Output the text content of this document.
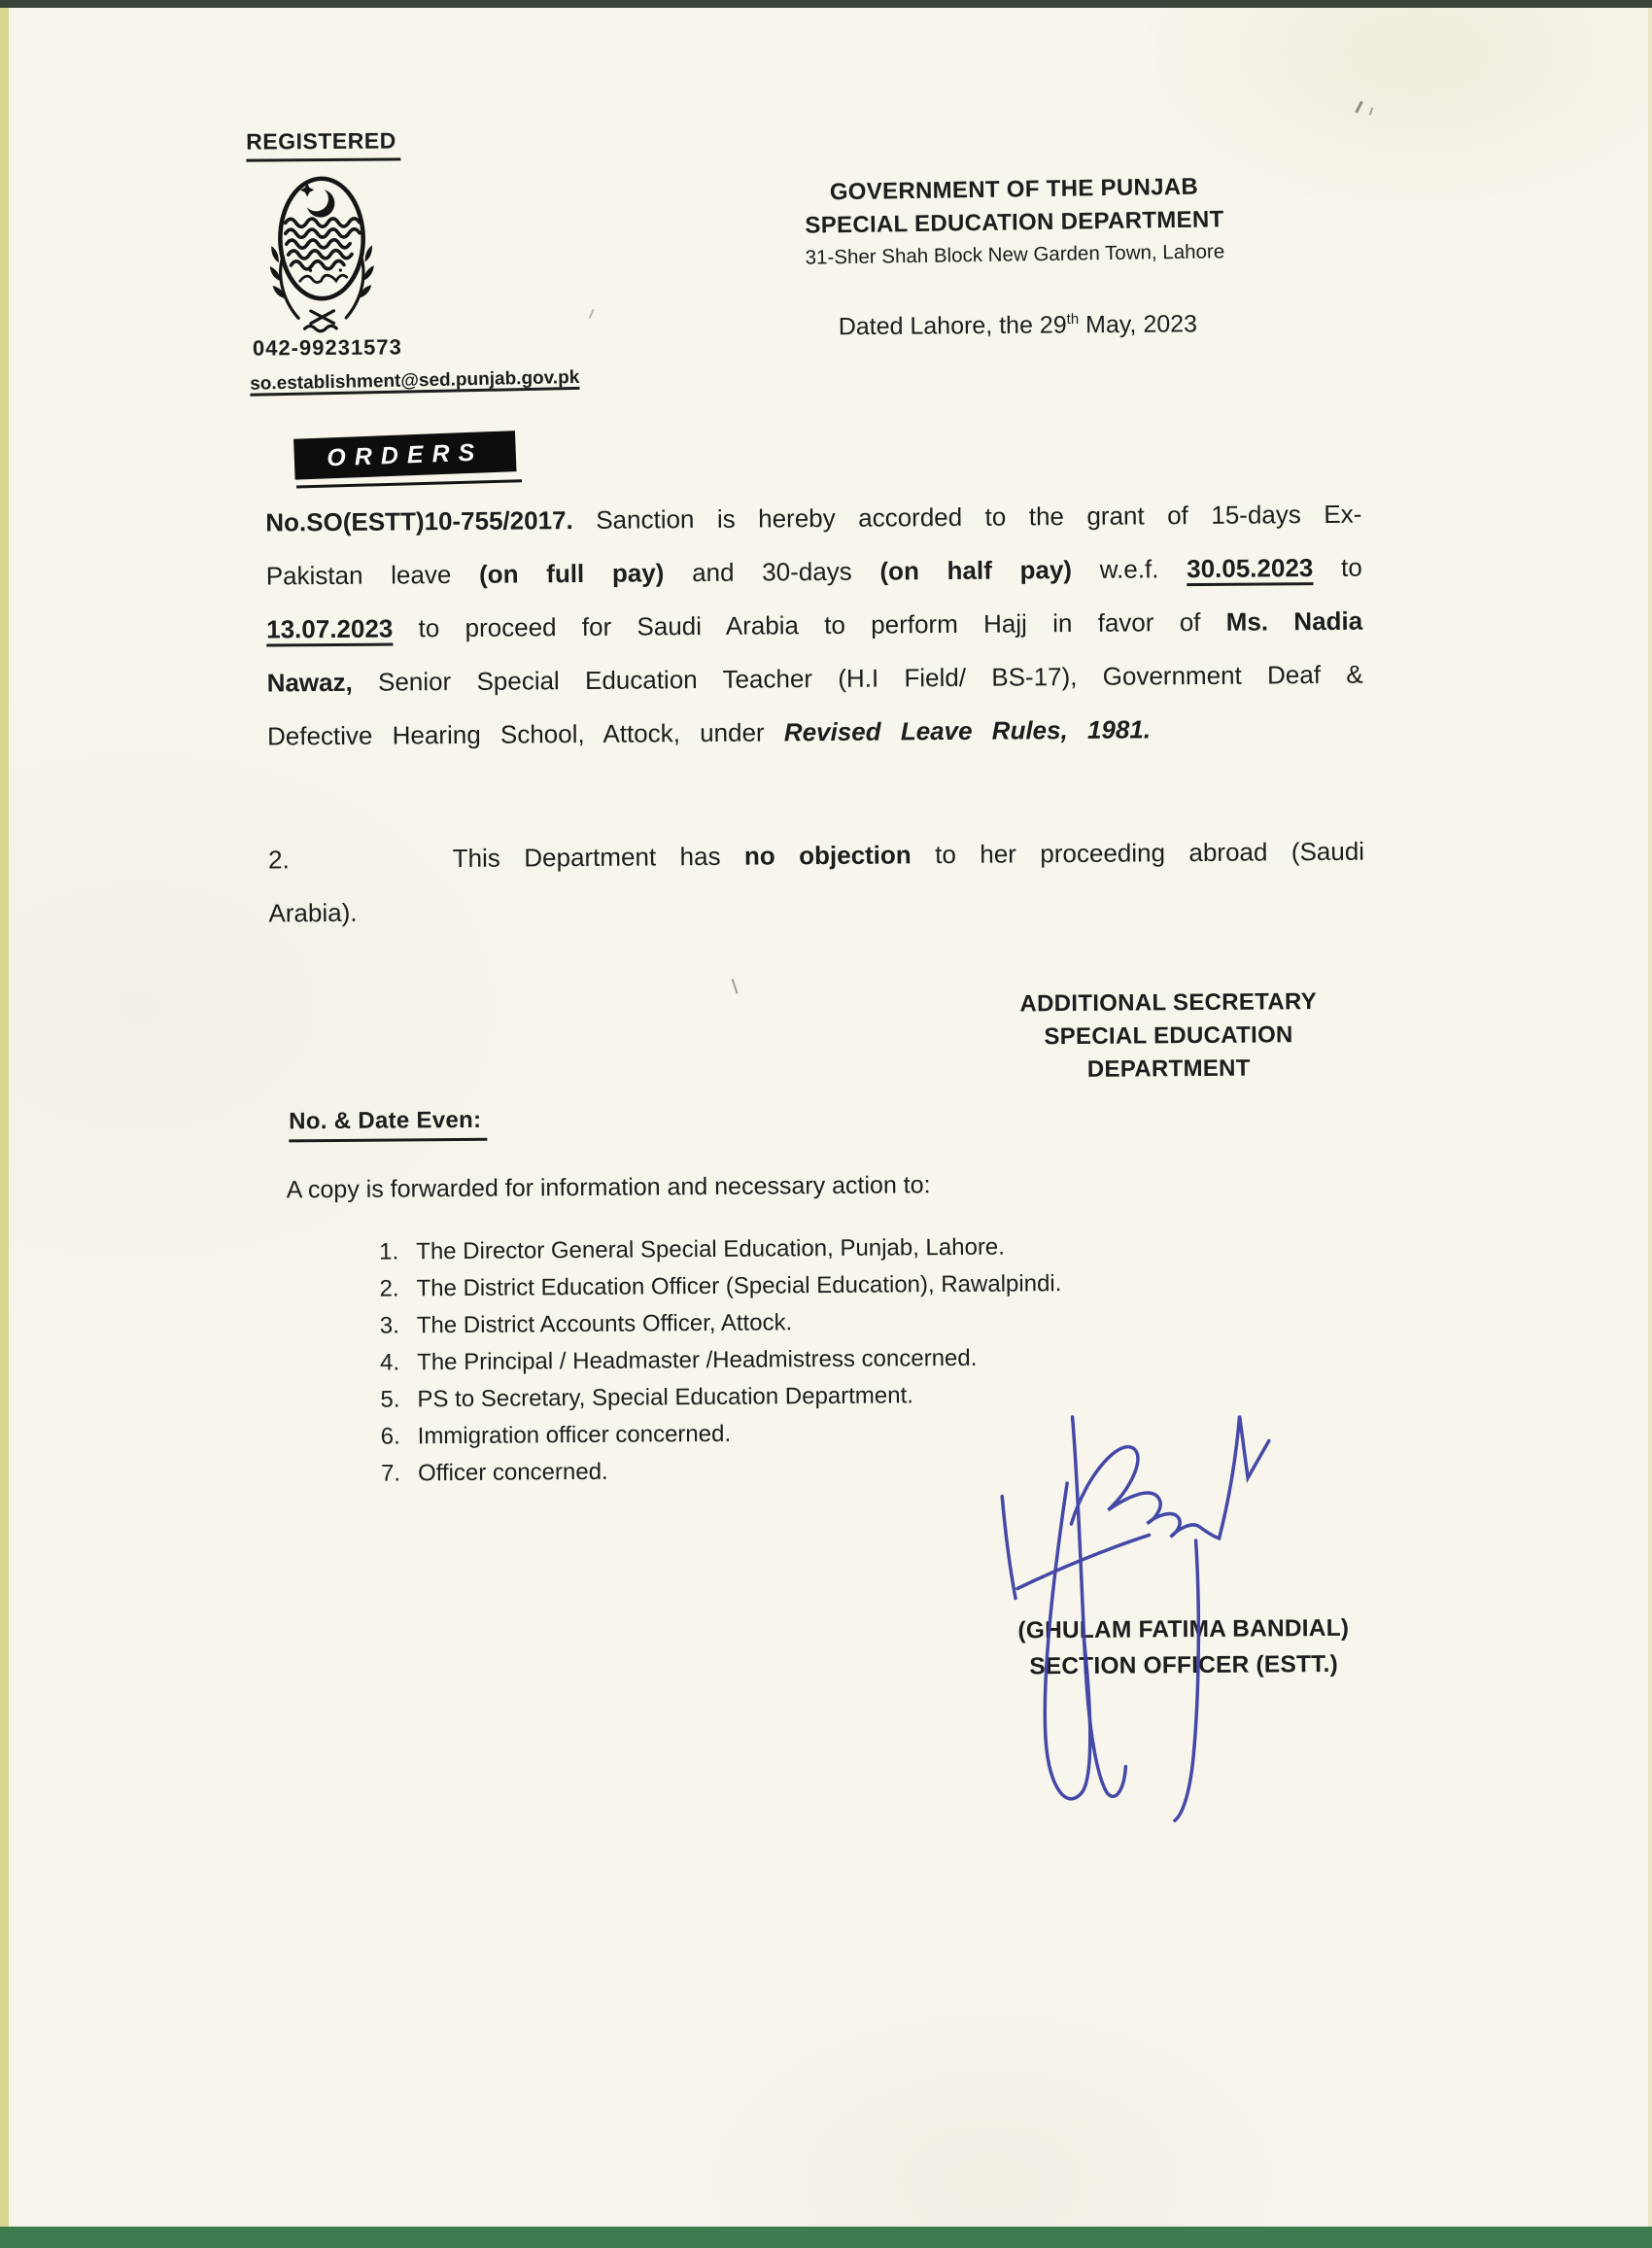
REGISTERED
GOVERNMENT OF THE PUNJAB
SPECIAL EDUCATION DEPARTMENT
31-Sher Shah Block New Garden Town, Lahore
Dated Lahore, the 29th May, 2023
042-99231573
so.establishment@sed.punjab.gov.pk
ORDERS
No.SO(ESTT)10-755/2017. Sanction is hereby accorded to the grant of 15-days Ex-Pakistan leave (on full pay) and 30-days (on half pay) w.e.f. 30.05.2023 to 13.07.2023 to proceed for Saudi Arabia to perform Hajj in favor of Ms. Nadia Nawaz, Senior Special Education Teacher (H.I Field/ BS-17), Government Deaf & Defective Hearing School, Attock, under Revised Leave Rules, 1981.
2.	This Department has no objection to her proceeding abroad (Saudi Arabia).
ADDITIONAL SECRETARY
SPECIAL EDUCATION
DEPARTMENT
No. & Date Even:
A copy is forwarded for information and necessary action to:
1. The Director General Special Education, Punjab, Lahore.
2. The District Education Officer (Special Education), Rawalpindi.
3. The District Accounts Officer, Attock.
4. The Principal / Headmaster /Headmistress concerned.
5. PS to Secretary, Special Education Department.
6. Immigration officer concerned.
7. Officer concerned.
(GHULAM FATIMA BANDIAL)
SECTION OFFICER (ESTT.)
